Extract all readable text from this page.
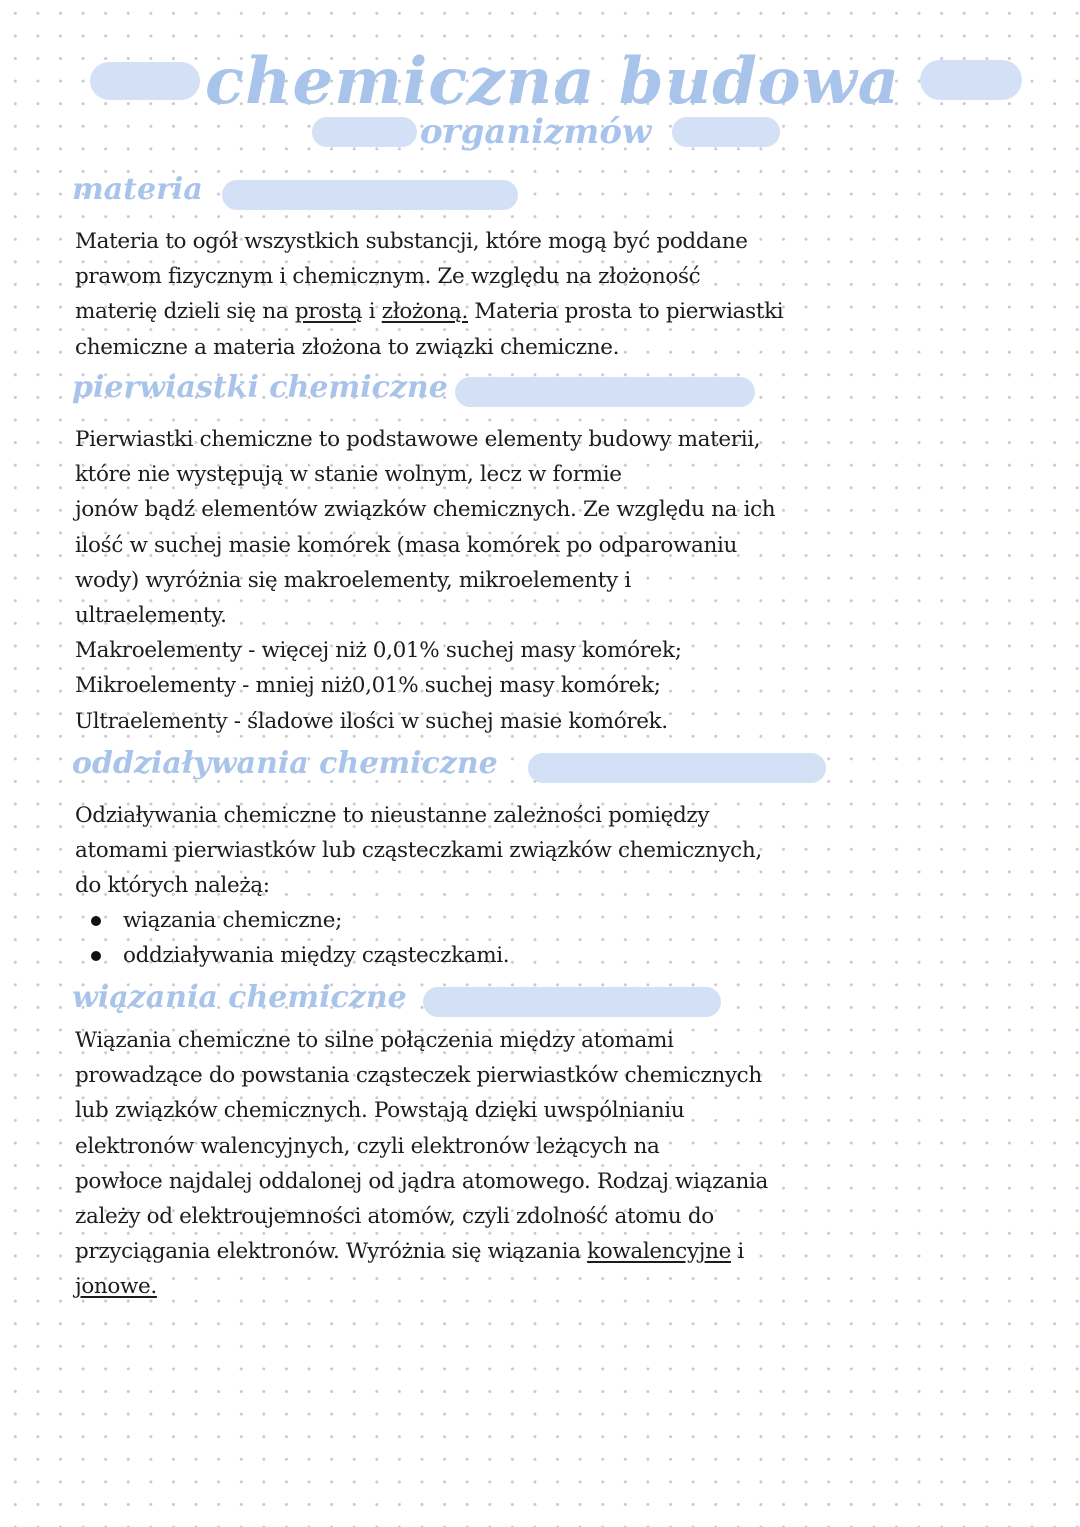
chemiczna budowa
organizmów
materia

Materia to ogół wszystkich substancji, które mogą być poddane
prawom fizycznym i chemicznym. Ze względu na złożoność
materię dzieli się na prostą i złożoną. Materia prosta to pierwiastki
chemiczne a materia złożona to związki chemiczne.

pierwiastki chemiczne

Pierwiastki chemiczne to podstawowe elementy budowy materii,
które nie występują w stanie wolnym, lecz w formie
jonów bądź elementów związków chemicznych. Ze względu na ich
ilość w suchej masie komórek (masa komórek po odparowaniu
wody) wyróżnia się makroelementy, mikroelementy i
ultraelementy.
Makroelementy - więcej niż 0,01% suchej masy komórek;
Mikroelementy - mniej niż0,01% suchej masy komórek;
Ultraelementy - śladowe ilości w suchej masie komórek.

oddziaływania chemiczne

Odziaływania chemiczne to nieustanne zależności pomiędzy
atomami pierwiastków lub cząsteczkami związków chemicznych,
do których należą:

wiązania chemiczne;
oddziaływania między cząsteczkami.
wiązania chemiczne

Wiązania chemiczne to silne połączenia między atomami
prowadzące do powstania cząsteczek pierwiastków chemicznych
lub związków chemicznych. Powstają dzięki uwspólnianiu
elektronów walencyjnych, czyli elektronów leżących na
powłoce najdalej oddalonej od jądra atomowego. Rodzaj wiązania
zależy od elektroujemności atomów, czyli zdolność atomu do
przyciągania elektronów. Wyróżnia się wiązania kowalencyjne i
jonowe.
